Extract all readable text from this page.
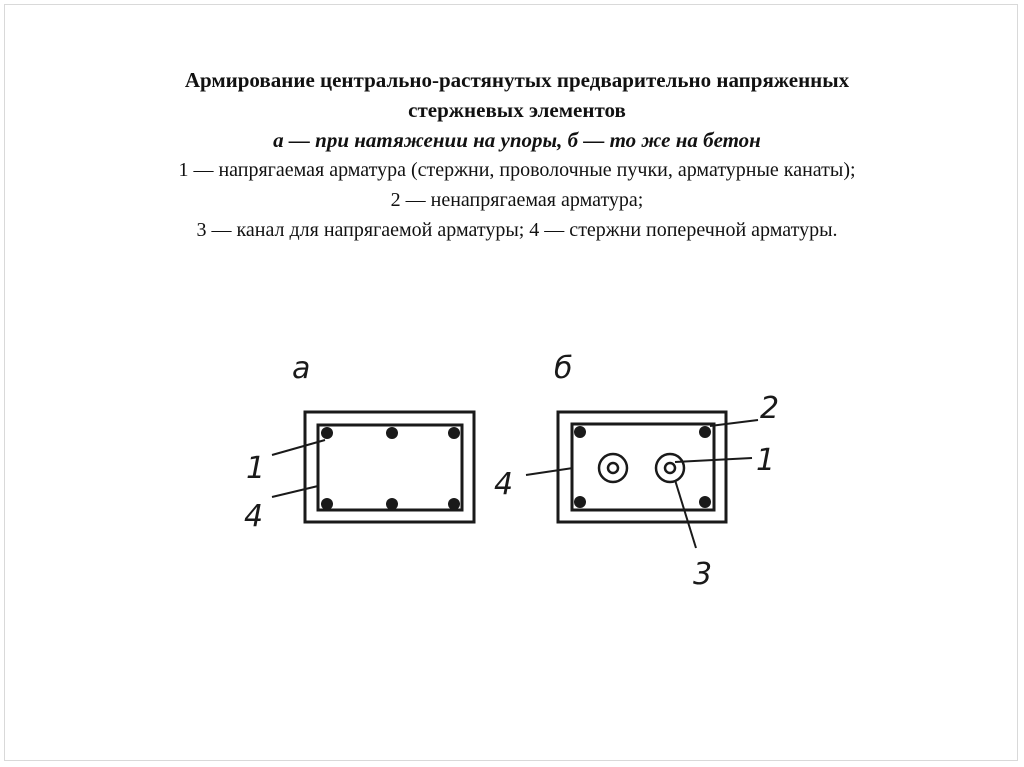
Армирование центрально-растянутых предварительно напряженных
стержневых элементов
а — при натяжении на упоры, б — то же на бетон
1 — напрягаемая арматура (стержни, проволочные пучки, арматурные канаты);
2 — ненапрягаемая арматура;
3 — канал для напрягаемой арматуры; 4 — стержни поперечной арматуры.
а
1
4
б
2
1
4
3
